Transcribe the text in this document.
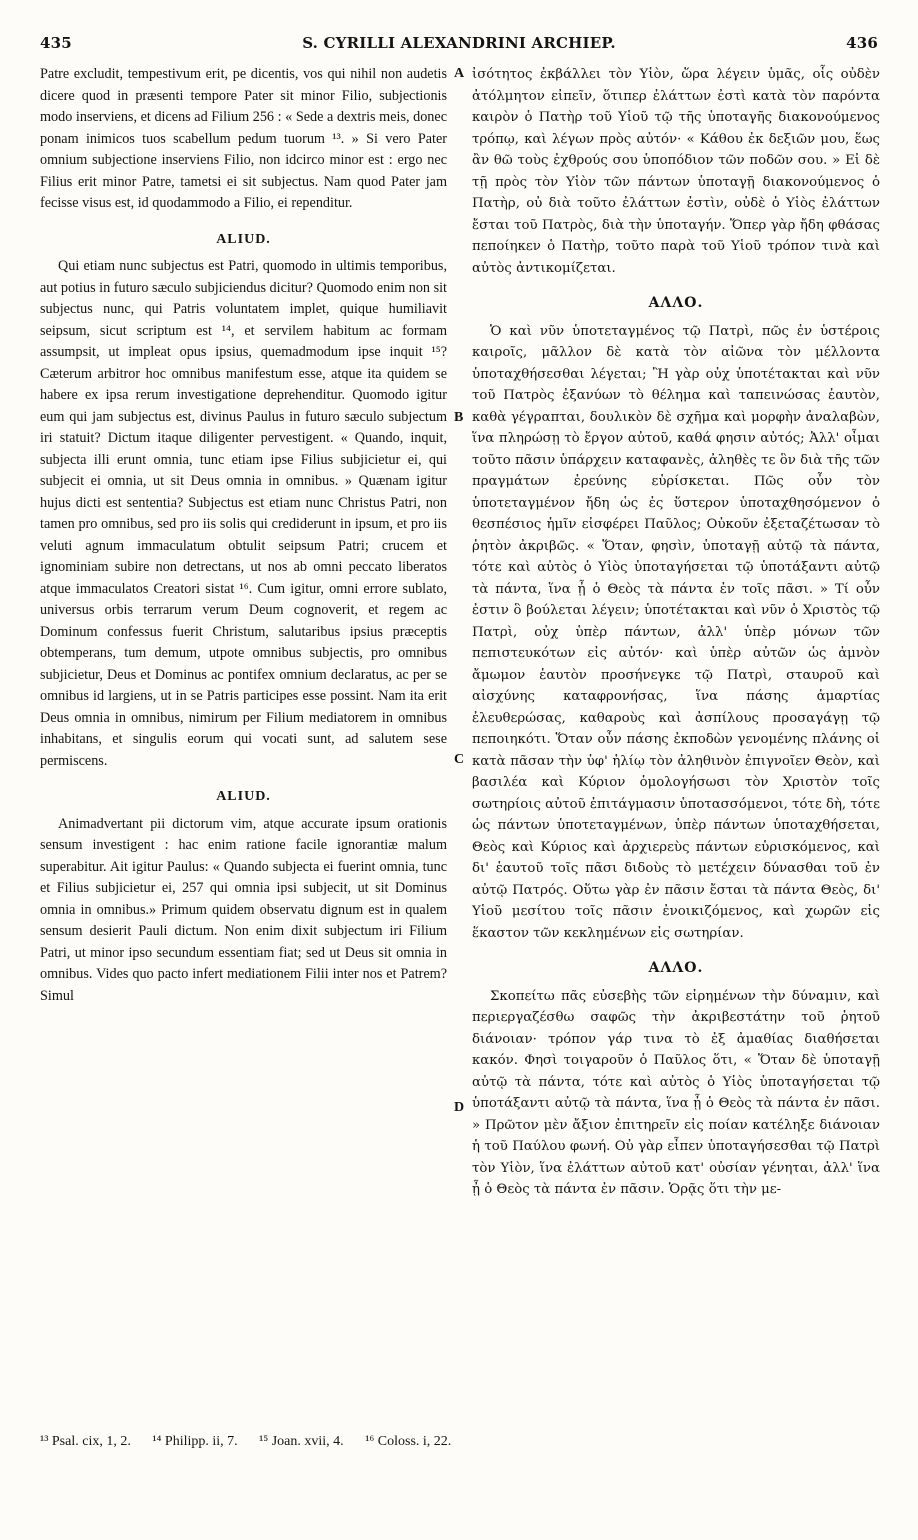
435	S. CYRILLI ALEXANDRINI ARCHIEP.	436

Patre excludit, tempestivum erit, pe dicentis, vos qui nihil non audetis dicere quod in præsenti tempore Pater sit minor Filio, subjectionis modo inserviens, et dicens ad Filium 256 : « Sede a dextris meis, donec ponam inimicos tuos scabellum pedum tuorum ¹³. » Si vero Pater omnium subjectione inserviens Filio, non idcirco minor est : ergo nec Filius erit minor Patre, tametsi ei sit subjectus. Nam quod Pater jam fecisse visus est, id quodammodo a Filio, ei rependitur.

ALIUD.

Qui etiam nunc subjectus est Patri, quomodo in ultimis temporibus, aut potius in futuro sæculo subjiciendus dicitur? Quomodo enim non sit subjectus nunc, qui Patris voluntatem implet, quique humiliavit seipsum, sicut scriptum est ¹⁴, et servilem habitum ac formam assumpsit, ut impleat opus ipsius, quemadmodum ipse inquit ¹⁵? Cæterum arbitror hoc omnibus manifestum esse, atque ita quidem se habere ex ipsa rerum investigatione deprehenditur. Quomodo igitur eum qui jam subjectus est, divinus Paulus in futuro sæculo subjectum iri statuit? Dictum itaque diligenter pervestigent. « Quando, inquit, subjecta illi erunt omnia, tunc etiam ipse Filius subjicietur ei, qui subjecit ei omnia, ut sit Deus omnia in omnibus. » Quænam igitur hujus dicti est sententia? Subjectus est etiam nunc Christus Patri, non tamen pro omnibus, sed pro iis solis qui crediderunt in ipsum, et pro iis veluti agnum immaculatum obtulit seipsum Patri; crucem et ignominiam subire non detrectans, ut nos ab omni peccato liberatos atque immaculatos Creatori sistat ¹⁶. Cum igitur, omni errore sublato, universus orbis terrarum verum Deum cognoverit, et regem ac Dominum confessus fuerit Christum, salutaribus ipsius præceptis obtemperans, tum demum, utpote omnibus subjectis, pro omnibus subjicietur, Deus et Dominus ac pontifex omnium declaratus, ac per se omnibus id largiens, ut in se Patris participes esse possint. Nam ita erit Deus omnia in omnibus, nimirum per Filium mediatorem in omnibus inhabitans, et singulis eorum qui vocati sunt, ad salutem sese permiscens.

ALIUD.

Animadvertant pii dictorum vim, atque accurate ipsum orationis sensum investigent : hac enim ratione facile ignorantiæ malum superabitur. Ait igitur Paulus: « Quando subjecta ei fuerint omnia, tunc et Filius subjicietur ei, 257 qui omnia ipsi subjecit, ut sit Dominus omnia in omnibus.» Primum quidem observatu dignum est in qualem sensum desierit Pauli dictum. Non enim dixit subjectum iri Filium Patri, ut minor ipso secundum essentiam fiat; sed ut Deus sit omnia in omnibus. Vides quo pacto infert mediationem Filii inter nos et Patrem? Simul

ἰσότητος ἐκβάλλει τὸν Υἱὸν, ὥρα λέγειν ὑμᾶς, οἷς οὐδὲν ἀτόλμητον εἰπεῖν, ὅτιπερ ἐλάττων ἐστὶ κατὰ τὸν παρόντα καιρὸν ὁ Πατὴρ τοῦ Υἱοῦ τῷ τῆς ὑποταγῆς διακονούμενος τρόπῳ, καὶ λέγων πρὸς αὐτόν· « Κάθου ἐκ δεξιῶν μου, ἕως ἂν θῶ τοὺς ἐχθρούς σου ὑποπόδιον τῶν ποδῶν σου. » Εἰ δὲ τῇ πρὸς τὸν Υἱὸν τῶν πάντων ὑποταγῇ διακονούμενος ὁ Πατὴρ, οὐ διὰ τοῦτο ἐλάττων ἐστὶν, οὐδὲ ὁ Υἱὸς ἐλάττων ἔσται τοῦ Πατρὸς, διὰ τὴν ὑποταγήν. Ὅπερ γὰρ ἤδη φθάσας πεποίηκεν ὁ Πατὴρ, τοῦτο παρὰ τοῦ Υἱοῦ τρόπον τινὰ καὶ αὐτὸς ἀντικομίζεται.

ΑΛΛΟ.

Ὁ καὶ νῦν ὑποτεταγμένος τῷ Πατρὶ, πῶς ἐν ὑστέροις καιροῖς, μᾶλλον δὲ κατὰ τὸν αἰῶνα τὸν μέλλοντα ὑποταχθήσεσθαι λέγεται; Ἢ γὰρ οὐχ ὑποτέτακται καὶ νῦν τοῦ Πατρὸς ἐξανύων τὸ θέλημα καὶ ταπεινώσας ἑαυτὸν, καθὰ γέγραπται, δουλικὸν δὲ σχῆμα καὶ μορφὴν ἀναλαβὼν, ἵνα πληρώσῃ τὸ ἔργον αὐτοῦ, καθά φησιν αὐτός; Ἀλλ' οἶμαι τοῦτο πᾶσιν ὑπάρχειν καταφανὲς, ἀληθὲς τε ὃν διὰ τῆς τῶν πραγμάτων ἐρεύνης εὑρίσκεται. Πῶς οὖν τὸν ὑποτεταγμένον ἤδη ὡς ἐς ὕστερον ὑποταχθησόμενον ὁ θεσπέσιος ἡμῖν εἰσφέρει Παῦλος; Οὐκοῦν ἐξεταζέτωσαν τὸ ῥητὸν ἀκριβῶς. « Ὅταν, φησὶν, ὑποταγῇ αὐτῷ τὰ πάντα, τότε καὶ αὐτὸς ὁ Υἱὸς ὑποταγήσεται τῷ ὑποτάξαντι αὐτῷ τὰ πάντα, ἵνα ᾖ ὁ Θεὸς τὰ πάντα ἐν τοῖς πᾶσι. » Τί οὖν ἐστιν ὃ βούλεται λέγειν; ὑποτέτακται καὶ νῦν ὁ Χριστὸς τῷ Πατρὶ, οὐχ ὑπὲρ πάντων, ἀλλ' ὑπὲρ μόνων τῶν πεπιστευκότων εἰς αὐτόν· καὶ ὑπὲρ αὐτῶν ὡς ἀμνὸν ἄμωμον ἑαυτὸν προσήνεγκε τῷ Πατρὶ, σταυροῦ καὶ αἰσχύνης καταφρονήσας, ἵνα πάσης ἁμαρτίας ἐλευθερώσας, καθαροὺς καὶ ἀσπίλους προσαγάγῃ τῷ πεποιηκότι. Ὅταν οὖν πάσης ἐκποδὼν γενομένης πλάνης οἱ κατὰ πᾶσαν τὴν ὑφ' ἡλίῳ τὸν ἀληθινὸν ἐπιγνοῖεν Θεὸν, καὶ βασιλέα καὶ Κύριον ὁμολογήσωσι τὸν Χριστὸν τοῖς σωτηρίοις αὐτοῦ ἐπιτάγμασιν ὑποτασσόμενοι, τότε δὴ, τότε ὡς πάντων ὑποτεταγμένων, ὑπὲρ πάντων ὑποταχθήσεται, Θεὸς καὶ Κύριος καὶ ἀρχιερεὺς πάντων εὑρισκόμενος, καὶ δι' ἑαυτοῦ τοῖς πᾶσι διδοὺς τὸ μετέχειν δύνασθαι τοῦ ἐν αὐτῷ Πατρός. Οὕτω γὰρ ἐν πᾶσιν ἔσται τὰ πάντα Θεὸς, δι' Υἱοῦ μεσίτου τοῖς πᾶσιν ἐνοικιζόμενος, καὶ χωρῶν εἰς ἕκαστον τῶν κεκλημένων εἰς σωτηρίαν.

ΑΛΛΟ.

Σκοπείτω πᾶς εὐσεβὴς τῶν εἰρημένων τὴν δύναμιν, καὶ περιεργαζέσθω σαφῶς τὴν ἀκριβεστάτην τοῦ ῥητοῦ διάνοιαν· τρόπον γάρ τινα τὸ ἐξ ἀμαθίας διαθήσεται κακόν. Φησὶ τοιγαροῦν ὁ Παῦλος ὅτι, « Ὅταν δὲ ὑποταγῇ αὐτῷ τὰ πάντα, τότε καὶ αὐτὸς ὁ Υἱὸς ὑποταγήσεται τῷ ὑποτάξαντι αὐτῷ τὰ πάντα, ἵνα ᾖ ὁ Θεὸς τὰ πάντα ἐν πᾶσι. » Πρῶτον μὲν ἄξιον ἐπιτηρεῖν εἰς ποίαν κατέληξε διάνοιαν ἡ τοῦ Παύλου φωνή. Οὐ γὰρ εἶπεν ὑποταγήσεσθαι τῷ Πατρὶ τὸν Υἱὸν, ἵνα ἐλάττων αὐτοῦ κατ' οὐσίαν γένηται, ἀλλ' ἵνα ᾖ ὁ Θεὸς τὰ πάντα ἐν πᾶσιν. Ὁρᾷς ὅτι τὴν με-

A
B
C
D
¹³ Psal. cix, 1, 2. ¹⁴ Philipp. ii, 7. ¹⁵ Joan. xvii, 4. ¹⁶ Coloss. i, 22.
